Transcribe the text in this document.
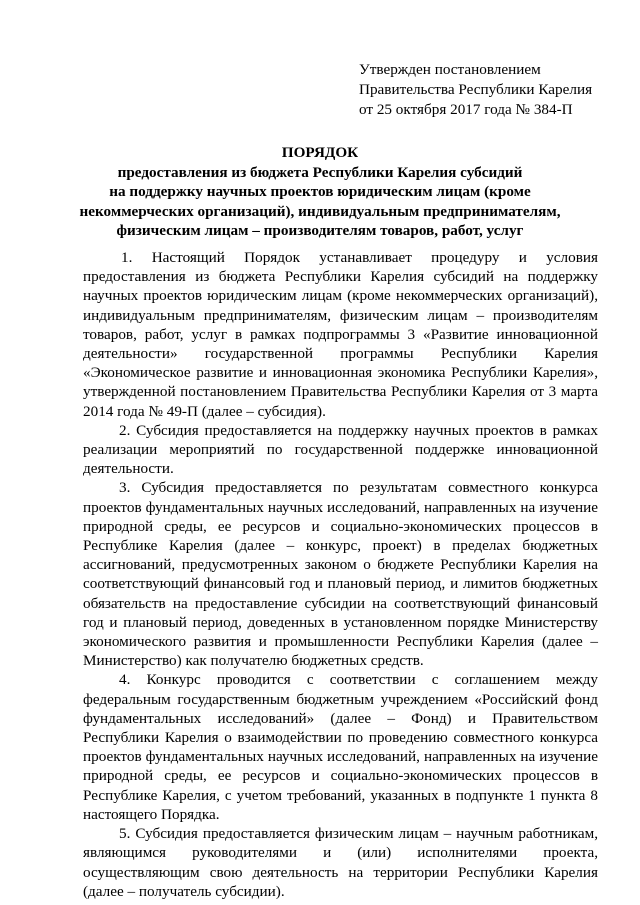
Утвержден постановлением
Правительства Республики Карелия
от 25 октября 2017 года № 384-П
ПОРЯДОК
предоставления из бюджета Республики Карелия субсидий
на поддержку научных проектов юридическим лицам (кроме
некоммерческих организаций), индивидуальным предпринимателям,
физическим лицам – производителям товаров, работ, услуг

1. Настоящий Порядок устанавливает процедуру и условия предоставления из бюджета Республики Карелия субсидий на поддержку научных проектов юридическим лицам (кроме некоммерческих организаций), индивидуальным предпринимателям, физическим лицам – производителям товаров, работ, услуг в рамках подпрограммы 3 «Развитие инновационной деятельности» государственной программы Республики Карелия «Экономическое развитие и инновационная экономика Республики Карелия», утвержденной постановлением Правительства Республики Карелия от 3 марта 2014 года № 49-П (далее – субсидия).

2. Субсидия предоставляется на поддержку научных проектов в рамках реализации мероприятий по государственной поддержке инновационной деятельности.

3. Субсидия предоставляется по результатам совместного конкурса проектов фундаментальных научных исследований, направленных на изучение природной среды, ее ресурсов и социально-экономических процессов в Республике Карелия (далее – конкурс, проект) в пределах бюджетных ассигнований, предусмотренных законом о бюджете Республики Карелия на соответствующий финансовый год и плановый период, и лимитов бюджетных обязательств на предоставление субсидии на соответствующий финансовый год и плановый период, доведенных в установленном порядке Министерству экономического развития и промышленности Республики Карелия (далее – Министерство) как получателю бюджетных средств.

4. Конкурс проводится с соответствии с соглашением между федеральным государственным бюджетным учреждением «Российский фонд фундаментальных исследований» (далее – Фонд) и Правительством Республики Карелия о взаимодействии по проведению совместного конкурса проектов фундаментальных научных исследований, направленных на изучение природной среды, ее ресурсов и социально-экономических процессов в Республике Карелия, с учетом требований, указанных в подпункте 1 пункта 8 настоящего Порядка.

5. Субсидия предоставляется физическим лицам – научным работникам, являющимся руководителями и (или) исполнителями проекта, осуществляющим свою деятельность на территории Республики Карелия (далее – получатель субсидии).
